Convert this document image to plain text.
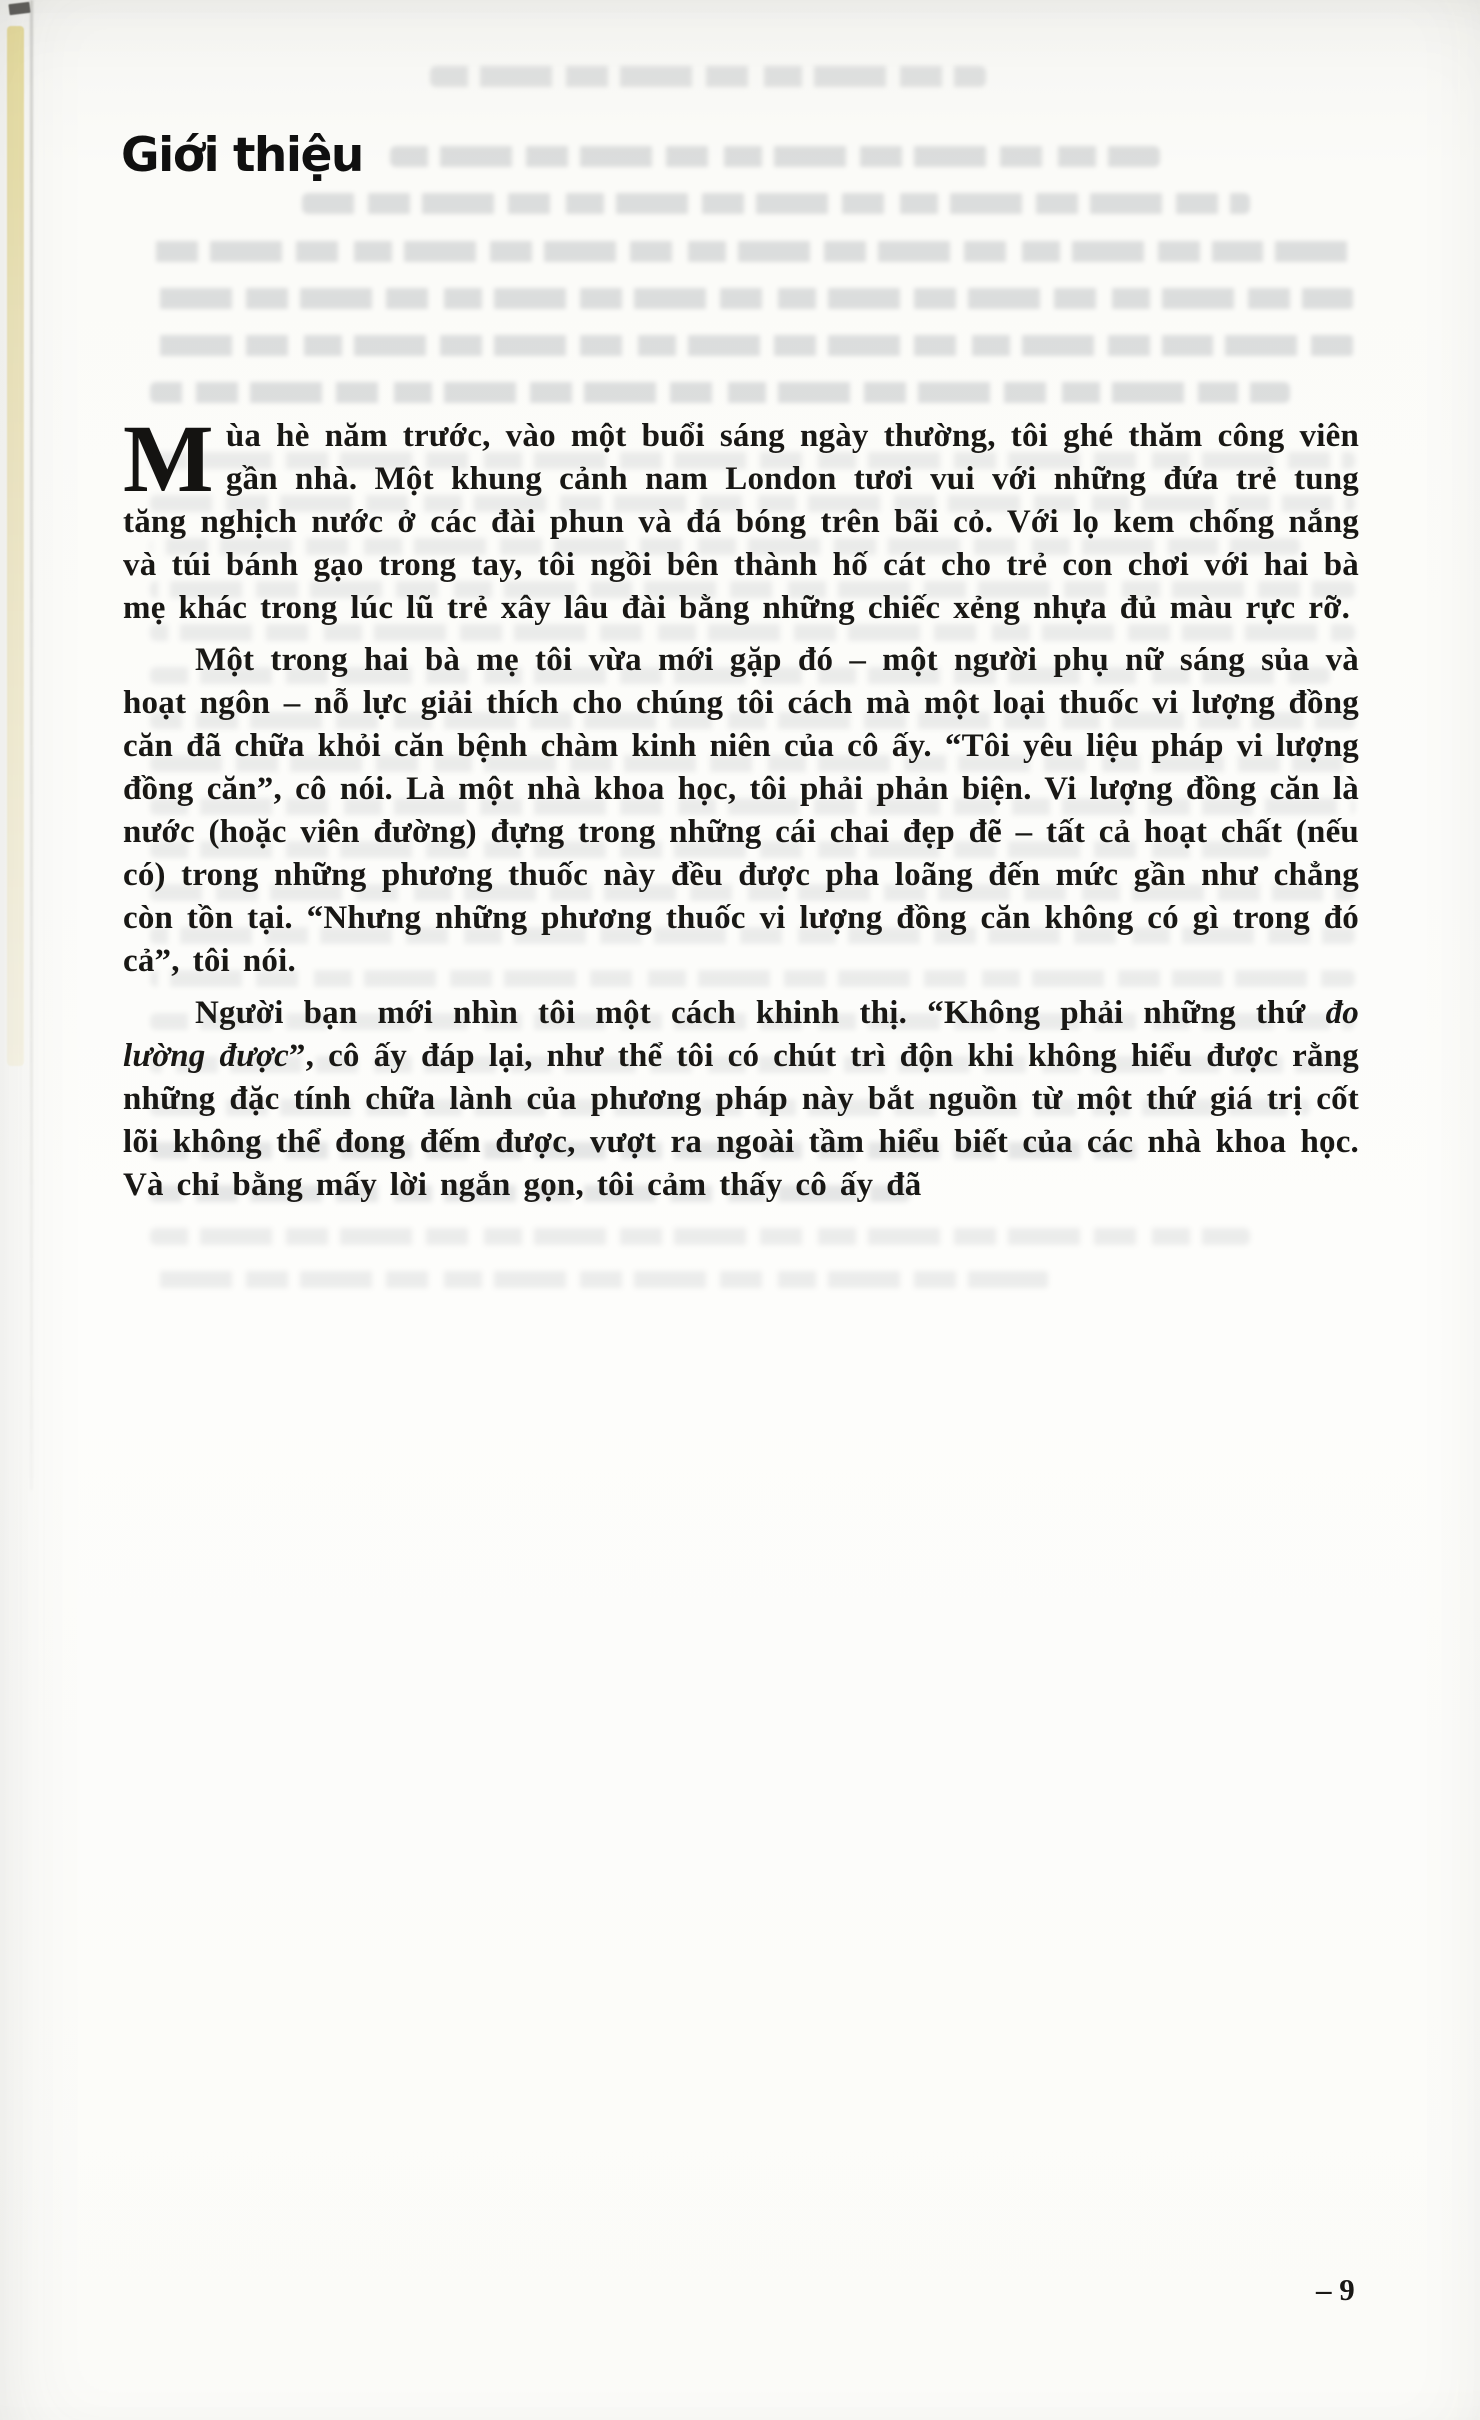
Giới thiệu

Mùa hè năm trước, vào một buổi sáng ngày thường, tôi ghé thăm công viên gần nhà. Một khung cảnh nam London tươi vui với những đứa trẻ tung tăng nghịch nước ở các đài phun và đá bóng trên bãi cỏ. Với lọ kem chống nắng và túi bánh gạo trong tay, tôi ngồi bên thành hố cát cho trẻ con chơi với hai bà mẹ khác trong lúc lũ trẻ xây lâu đài bằng những chiếc xẻng nhựa đủ màu rực rỡ.

Một trong hai bà mẹ tôi vừa mới gặp đó – một người phụ nữ sáng sủa và hoạt ngôn – nỗ lực giải thích cho chúng tôi cách mà một loại thuốc vi lượng đồng căn đã chữa khỏi căn bệnh chàm kinh niên của cô ấy. “Tôi yêu liệu pháp vi lượng đồng căn”, cô nói. Là một nhà khoa học, tôi phải phản biện. Vi lượng đồng căn là nước (hoặc viên đường) đựng trong những cái chai đẹp đẽ – tất cả hoạt chất (nếu có) trong những phương thuốc này đều được pha loãng đến mức gần như chẳng còn tồn tại. “Nhưng những phương thuốc vi lượng đồng căn không có gì trong đó cả”, tôi nói.

Người bạn mới nhìn tôi một cách khinh thị. “Không phải những thứ đo lường được”, cô ấy đáp lại, như thể tôi có chút trì độn khi không hiểu được rằng những đặc tính chữa lành của phương pháp này bắt nguồn từ một thứ giá trị cốt lõi không thể đong đếm được, vượt ra ngoài tầm hiểu biết của các nhà khoa học. Và chỉ bằng mấy lời ngắn gọn, tôi cảm thấy cô ấy đã

– 9
